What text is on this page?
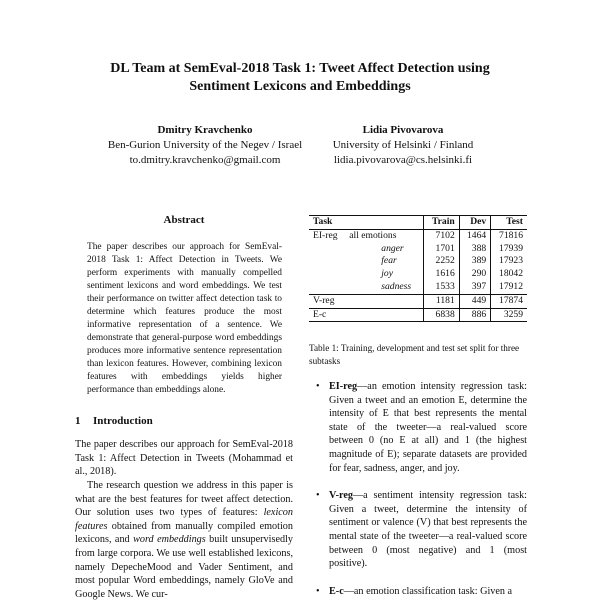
DL Team at SemEval-2018 Task 1: Tweet Affect Detection using
Sentiment Lexicons and Embeddings
Dmitry Kravchenko
Ben-Gurion University of the Negev / Israel
to.dmitry.kravchenko@gmail.com
Lidia Pivovarova
University of Helsinki / Finland
lidia.pivovarova@cs.helsinki.fi
Abstract

The paper describes our approach for SemEval-2018 Task 1: Affect Detection in Tweets. We perform experiments with manually compelled sentiment lexicons and word embeddings. We test their performance on twitter affect detection task to determine which features produce the most informative representation of a sentence. We demonstrate that general-purpose word embeddings produces more informative sentence representation than lexicon features. However, combining lexicon features with embeddings yields higher performance than embeddings alone.

1 Introduction

The paper describes our approach for SemEval-2018 Task 1: Affect Detection in Tweets (Mohammad et al., 2018).

The research question we address in this paper is what are the best features for tweet affect detection. Our solution uses two types of features: lexicon features obtained from manually compiled emotion lexicons, and word embeddings built unsupervisedly from large corpora. We use well established lexicons, namely DepecheMood and Vader Sentiment, and most popular Word embeddings, namely GloVe and Google News. We cur-

Task		Train	Dev	Test
EI-reg	all emotions	7102	1464	71816
	anger	1701	388	17939
	fear	2252	389	17923
	joy	1616	290	18042
	sadness	1533	397	17912
V-reg		1181	449	17874
E-c		6838	886	3259
Table 1: Training, development and test set split for three subtasks
• EI-reg—an emotion intensity regression task: Given a tweet and an emotion E, determine the intensity of E that best represents the mental state of the tweeter—a real-valued score between 0 (no E at all) and 1 (the highest magnitude of E); separate datasets are provided for fear, sadness, anger, and joy.
• V-reg—a sentiment intensity regression task: Given a tweet, determine the intensity of sentiment or valence (V) that best represents the mental state of the tweeter—a real-valued score between 0 (most negative) and 1 (most positive).
• E-c—an emotion classification task: Given a
